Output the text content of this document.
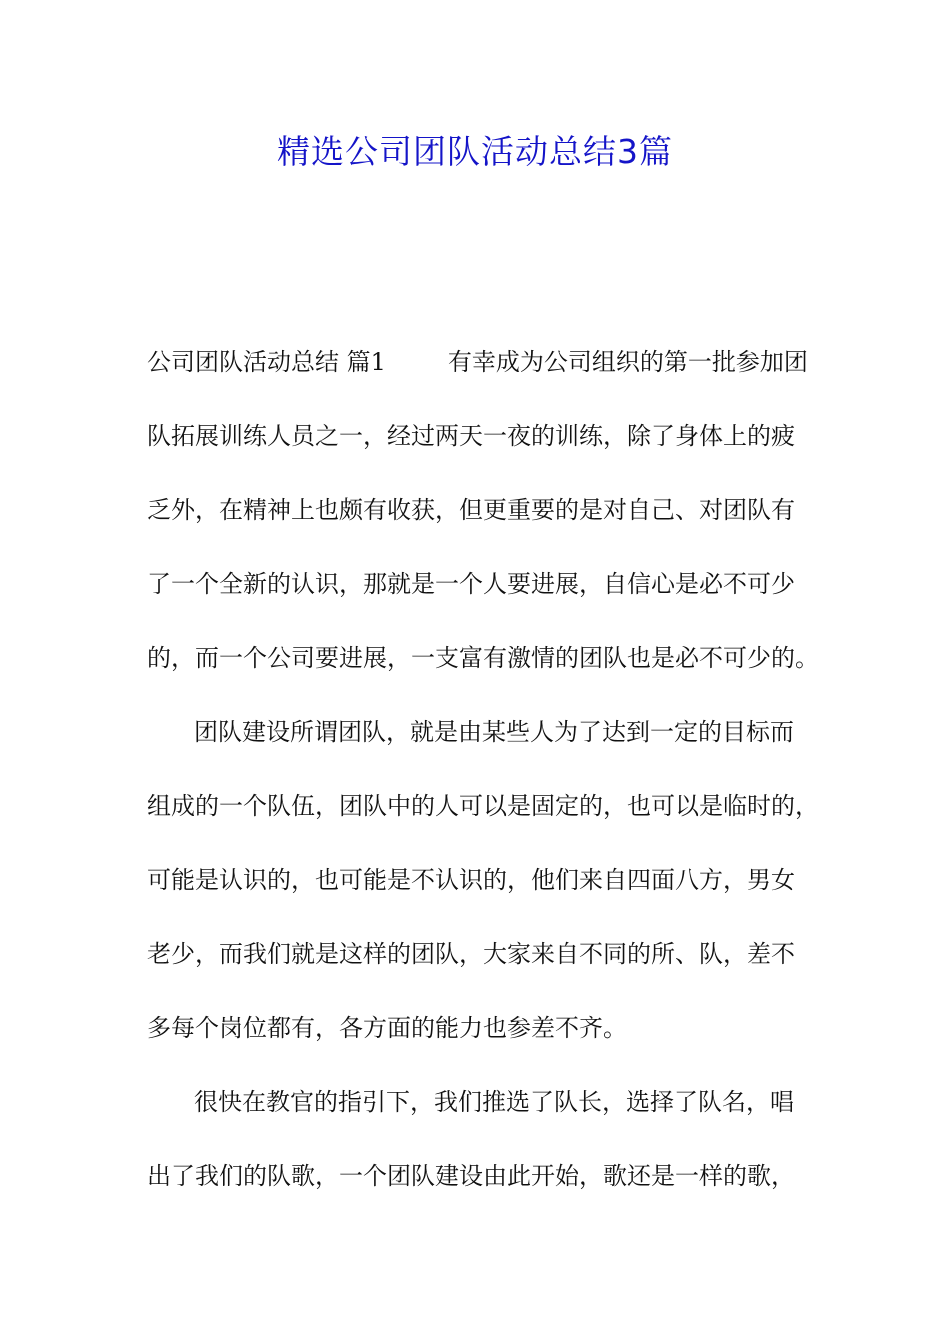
精选公司团队活动总结3篇
公司团队活动总结 篇1	有幸成为公司组织的第一批参加团
队拓展训练人员之一，经过两天一夜的训练，除了身体上的疲
乏外，在精神上也颇有收获，但更重要的是对自己、对团队有
了一个全新的认识，那就是一个人要进展，自信心是必不可少
的，而一个公司要进展，一支富有激情的团队也是必不可少的。
团队建设所谓团队，就是由某些人为了达到一定的目标而
组成的一个队伍，团队中的人可以是固定的，也可以是临时的，
可能是认识的，也可能是不认识的，他们来自四面八方，男女
老少，而我们就是这样的团队，大家来自不同的所、队，差不
多每个岗位都有，各方面的能力也参差不齐。
很快在教官的指引下，我们推选了队长，选择了队名，唱
出了我们的队歌，一个团队建设由此开始，歌还是一样的歌，
